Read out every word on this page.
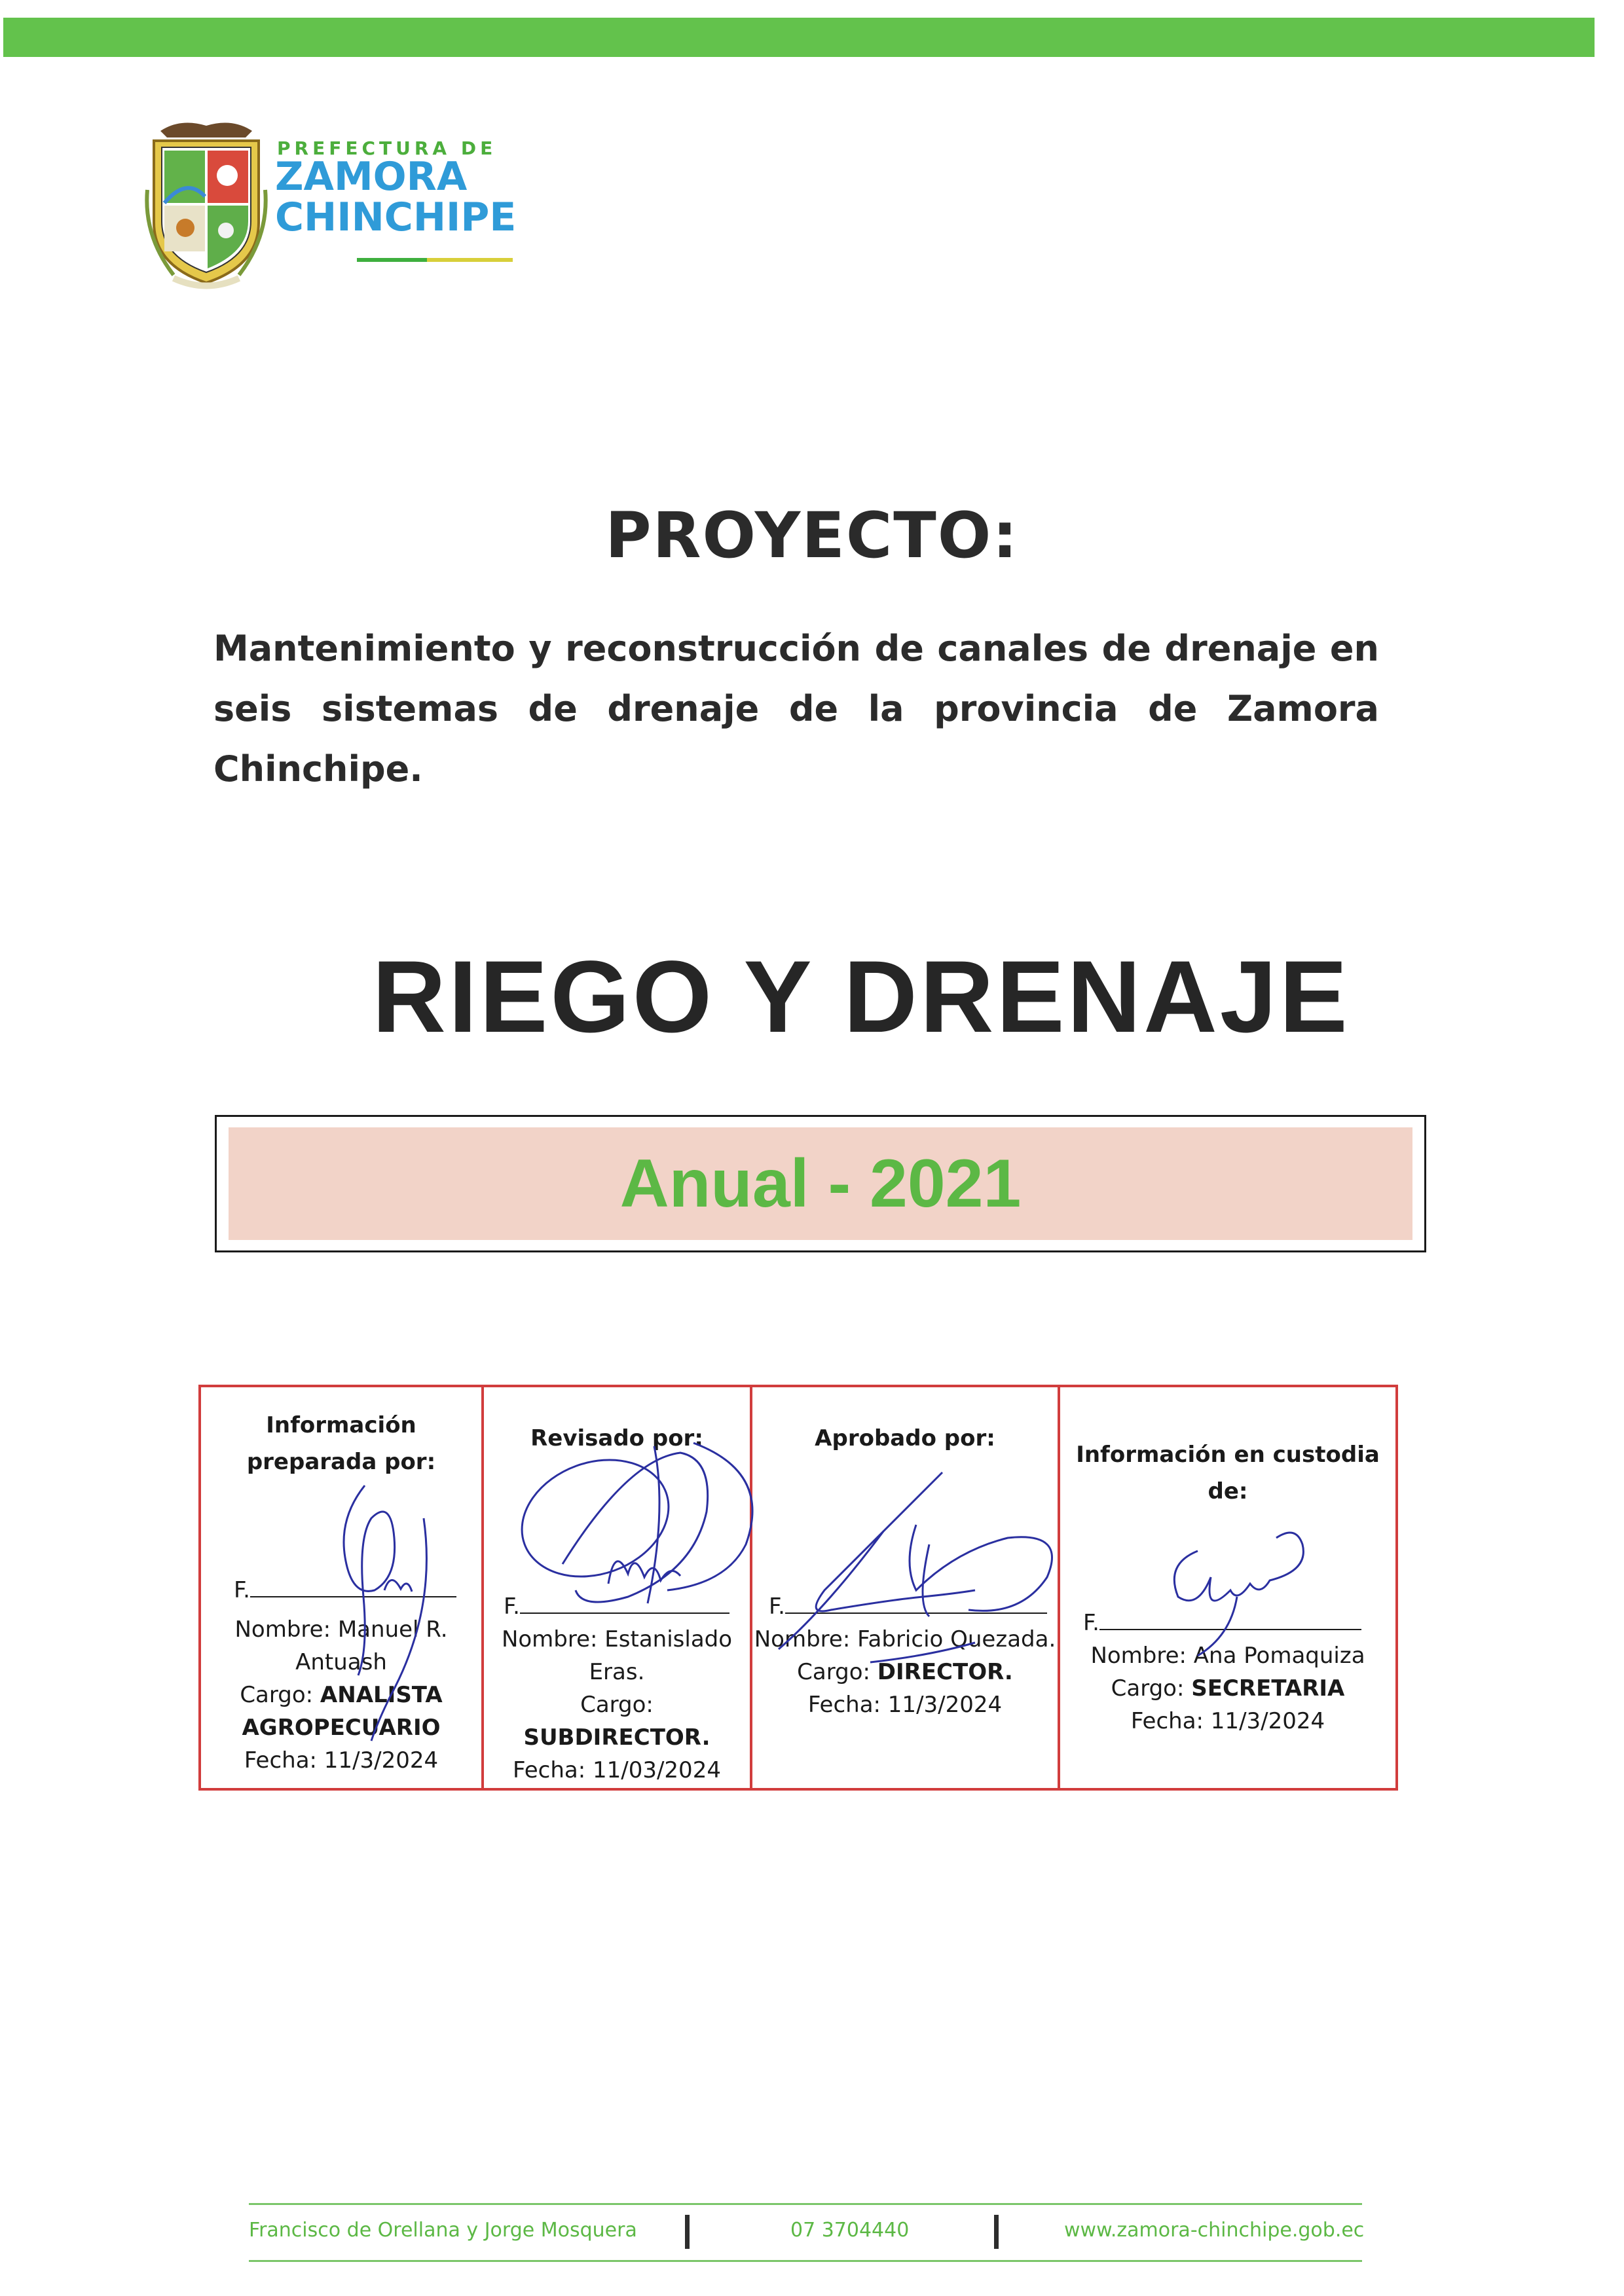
PREFECTURA DE
ZAMORA
CHINCHIPE
PROYECTO:
Mantenimiento y reconstrucción de canales de drenaje en seis sistemas de drenaje de la provincia de Zamora Chinchipe.
RIEGO Y DRENAJE
Anual - 2021
Información preparada por:
F.
Nombre: Manuel R. Antuash
Cargo: ANALISTA AGROPECUARIO
Fecha: 11/3/2024
Revisado por:
F.
Nombre: Estanislado Eras.
Cargo:
SUBDIRECTOR.
Fecha: 11/03/2024
Aprobado por:
F.
Nombre: Fabricio Quezada.
Cargo: DIRECTOR.
Fecha: 11/3/2024
Información en custodia de:
F.
Nombre: Ana Pomaquiza
Cargo: SECRETARIA
Fecha: 11/3/2024
Francisco de Orellana y Jorge Mosquera	07 3704440	www.zamora-chinchipe.gob.ec
